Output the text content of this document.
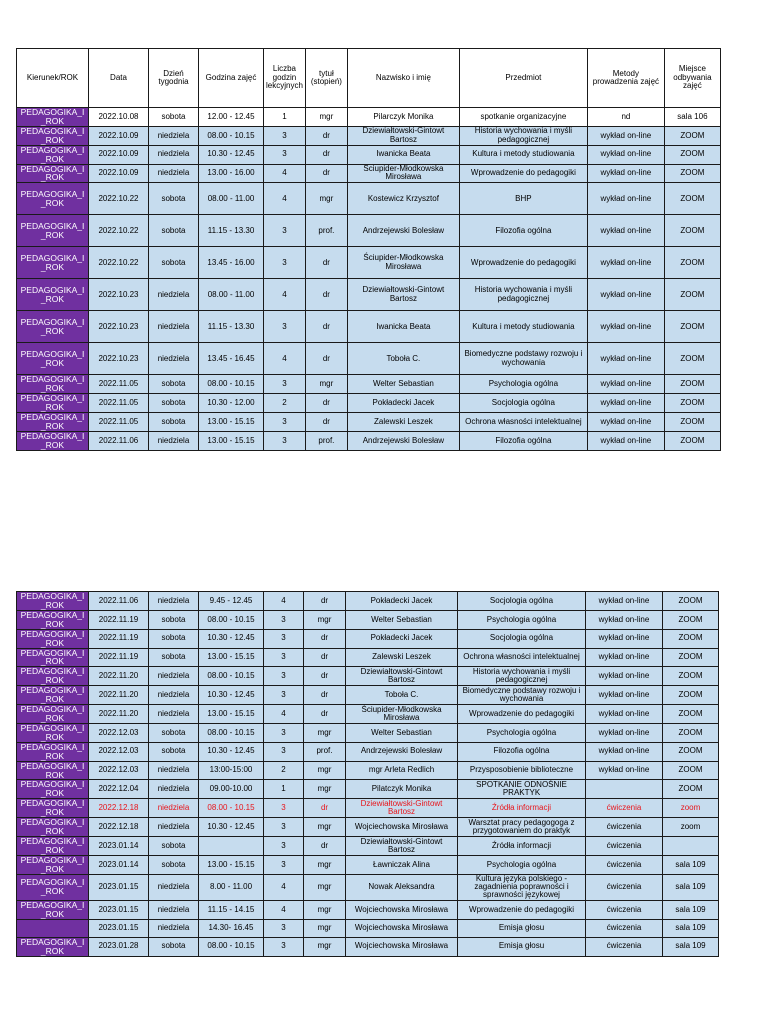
Kierunek/ROK	Data	Dzień tygodnia	Godzina zajęć	Liczba godzin lekcyjnych	tytuł (stopień)	Nazwisko i imię	Przedmiot	Metody prowadzenia zajęć	Miejsce odbywania zajęć
PEDAGOGIKA_I_ROK	2022.10.08	sobota	12.00 - 12.45	1	mgr	Pilarczyk Monika	spotkanie organizacyjne	nd	sala 106
PEDAGOGIKA_I_ROK	2022.10.09	niedziela	08.00 - 10.15	3	dr	Dziewiałtowski-Gintowt Bartosz	Historia wychowania i myśli pedagogicznej	wykład on-line	ZOOM
PEDAGOGIKA_I_ROK	2022.10.09	niedziela	10.30 - 12.45	3	dr	Iwanicka Beata	Kultura i metody studiowania	wykład on-line	ZOOM
PEDAGOGIKA_I_ROK	2022.10.09	niedziela	13.00 - 16.00	4	dr	Ściupider-Młodkowska Mirosława	Wprowadzenie do pedagogiki	wykład on-line	ZOOM
PEDAGOGIKA_I_ROK	2022.10.22	sobota	08.00 - 11.00	4	mgr	Kostewicz Krzysztof	BHP	wykład on-line	ZOOM
PEDAGOGIKA_I_ROK	2022.10.22	sobota	11.15 - 13.30	3	prof.	Andrzejewski Bolesław	Filozofia ogólna	wykład on-line	ZOOM
PEDAGOGIKA_I_ROK	2022.10.22	sobota	13.45 - 16.00	3	dr	Ściupider-Młodkowska Mirosława	Wprowadzenie do pedagogiki	wykład on-line	ZOOM
PEDAGOGIKA_I_ROK	2022.10.23	niedziela	08.00 - 11.00	4	dr	Dziewiałtowski-Gintowt Bartosz	Historia wychowania i myśli pedagogicznej	wykład on-line	ZOOM
PEDAGOGIKA_I_ROK	2022.10.23	niedziela	11.15 - 13.30	3	dr	Iwanicka Beata	Kultura i metody studiowania	wykład on-line	ZOOM
PEDAGOGIKA_I_ROK	2022.10.23	niedziela	13.45 - 16.45	4	dr	Toboła C.	Biomedyczne podstawy rozwoju i wychowania	wykład on-line	ZOOM
PEDAGOGIKA_I_ROK	2022.11.05	sobota	08.00 - 10.15	3	mgr	Welter Sebastian	Psychologia ogólna	wykład on-line	ZOOM
PEDAGOGIKA_I_ROK	2022.11.05	sobota	10.30 - 12.00	2	dr	Pokładecki Jacek	Socjologia ogólna	wykład on-line	ZOOM
PEDAGOGIKA_I_ROK	2022.11.05	sobota	13.00 - 15.15	3	dr	Zalewski Leszek	Ochrona własności intelektualnej	wykład on-line	ZOOM
PEDAGOGIKA_I_ROK	2022.11.06	niedziela	13.00 - 15.15	3	prof.	Andrzejewski Bolesław	Filozofia ogólna	wykład on-line	ZOOM
PEDAGOGIKA_I_ROK	2022.11.06	niedziela	9.45 - 12.45	4	dr	Pokładecki Jacek	Socjologia ogólna	wykład on-line	ZOOM
PEDAGOGIKA_I_ROK	2022.11.19	sobota	08.00 - 10.15	3	mgr	Welter Sebastian	Psychologia ogólna	wykład on-line	ZOOM
PEDAGOGIKA_I_ROK	2022.11.19	sobota	10.30 - 12.45	3	dr	Pokładecki Jacek	Socjologia ogólna	wykład on-line	ZOOM
PEDAGOGIKA_I_ROK	2022.11.19	sobota	13.00 - 15.15	3	dr	Zalewski Leszek	Ochrona własności intelektualnej	wykład on-line	ZOOM
PEDAGOGIKA_I_ROK	2022.11.20	niedziela	08.00 - 10.15	3	dr	Dziewiałtowski-Gintowt Bartosz	Historia wychowania i myśli pedagogicznej	wykład on-line	ZOOM
PEDAGOGIKA_I_ROK	2022.11.20	niedziela	10.30 - 12.45	3	dr	Toboła C.	Biomedyczne podstawy rozwoju i wychowania	wykład on-line	ZOOM
PEDAGOGIKA_I_ROK	2022.11.20	niedziela	13.00 - 15.15	4	dr	Ściupider-Młodkowska Mirosława	Wprowadzenie do pedagogiki	wykład on-line	ZOOM
PEDAGOGIKA_I_ROK	2022.12.03	sobota	08.00 - 10.15	3	mgr	Welter Sebastian	Psychologia ogólna	wykład on-line	ZOOM
PEDAGOGIKA_I_ROK	2022.12.03	sobota	10.30 - 12.45	3	prof.	Andrzejewski Bolesław	Filozofia ogólna	wykład on-line	ZOOM
PEDAGOGIKA_I_ROK	2022.12.03	niedziela	13:00-15:00	2	mgr	mgr Arleta Redlich	Przysposobienie biblioteczne	wykład on-line	ZOOM
PEDAGOGIKA_I_ROK	2022.12.04	niedziela	09.00-10.00	1	mgr	Pilatczyk Monika	SPOTKANIE ODNOŚNIE PRAKTYK		ZOOM
PEDAGOGIKA_I_ROK	2022.12.18	niedziela	08.00 - 10.15	3	dr	Dziewiałtowski-Gintowt Bartosz	Źródła informacji	ćwiczenia	zoom
PEDAGOGIKA_I_ROK	2022.12.18	niedziela	10.30 - 12.45	3	mgr	Wojciechowska Mirosława	Warsztat pracy pedagogoga z przygotowaniem do praktyk	ćwiczenia	zoom
PEDAGOGIKA_I_ROK	2023.01.14	sobota		3	dr	Dziewiałtowski-Gintowt Bartosz	Źródła informacji	ćwiczenia	
PEDAGOGIKA_I_ROK	2023.01.14	sobota	13.00 - 15.15	3	mgr	Ławniczak Alina	Psychologia ogólna	ćwiczenia	sala 109
PEDAGOGIKA_I_ROK	2023.01.15	niedziela	8.00 - 11.00	4	mgr	Nowak Aleksandra	Kultura języka polskiego - zagadnienia poprawności i sprawności językowej	ćwiczenia	sala 109
PEDAGOGIKA_I_ROK	2023.01.15	niedziela	11.15 - 14.15	4	mgr	Wojciechowska Mirosława	Wprowadzenie do pedagogiki	ćwiczenia	sala 109
	2023.01.15	niedziela	14.30- 16.45	3	mgr	Wojciechowska Mirosława	Emisja głosu	ćwiczenia	sala 109
PEDAGOGIKA_I_ROK	2023.01.28	sobota	08.00 - 10.15	3	mgr	Wojciechowska Mirosława	Emisja głosu	ćwiczenia	sala 109
